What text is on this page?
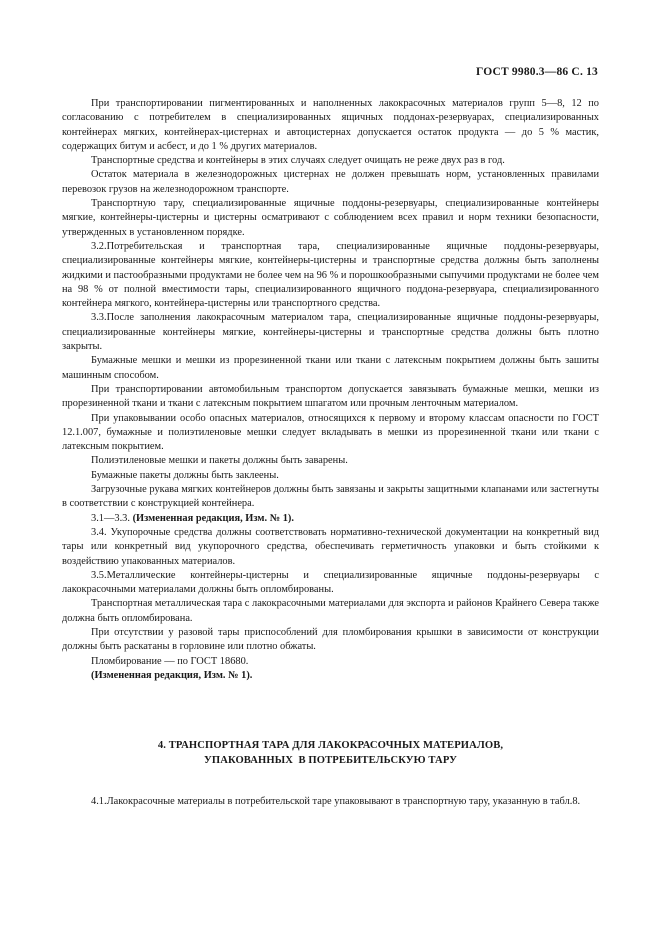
ГОСТ 9980.3—86 С. 13

При транспортировании пигментированных и наполненных лакокрасочных материалов групп 5—8, 12 по согласованию с потребителем в специализированных ящичных поддонах-резервуарах, специализированных контейнерах мягких, контейнерах-цистернах и автоцистернах допускается остаток продукта — до 5 % мастик, содержащих битум и асбест, и до 1 % других материалов.

Транспортные средства и контейнеры в этих случаях следует очищать не реже двух раз в год.

Остаток материала в железнодорожных цистернах не должен превышать норм, установленных правилами перевозок грузов на железнодорожном транспорте.

Транспортную тару, специализированные ящичные поддоны-резервуары, специализированные контейнеры мягкие, контейнеры-цистерны и цистерны осматривают с соблюдением всех правил и норм техники безопасности, утвержденных в установленном порядке.

3.2.Потребительская и транспортная тара, специализированные ящичные поддоны-резервуары, специализированные контейнеры мягкие, контейнеры-цистерны и транспортные средства должны быть заполнены жидкими и пастообразными продуктами не более чем на 96 % и порошкообразными сыпучими продуктами не более чем на 98 % от полной вместимости тары, специализированного ящичного поддона-резервуара, специализированного контейнера мягкого, контейнера-цистерны или транспортного средства.

3.3.После заполнения лакокрасочным материалом тара, специализированные ящичные поддоны-резервуары, специализированные контейнеры мягкие, контейнеры-цистерны и транспортные средства должны быть плотно закрыты.

Бумажные мешки и мешки из прорезиненной ткани или ткани с латексным покрытием должны быть зашиты машинным способом.

При транспортировании автомобильным транспортом допускается завязывать бумажные мешки, мешки из прорезиненной ткани и ткани с латексным покрытием шпагатом или прочным ленточным материалом.

При упаковывании особо опасных материалов, относящихся к первому и второму классам опасности по ГОСТ 12.1.007, бумажные и полиэтиленовые мешки следует вкладывать в мешки из прорезиненной ткани или ткани с латексным покрытием.

Полиэтиленовые мешки и пакеты должны быть заварены.

Бумажные пакеты должны быть заклеены.

Загрузочные рукава мягких контейнеров должны быть завязаны и закрыты защитными клапанами или застегнуты в соответствии с конструкцией контейнера.

3.1—3.3. (Измененная редакция, Изм. № 1).

3.4. Укупорочные средства должны соответствовать нормативно-технической документации на конкретный вид тары или конкретный вид укупорочного средства, обеспечивать герметичность упаковки и быть стойкими к воздействию упакованных материалов.

3.5.Металлические контейнеры-цистерны и специализированные ящичные поддоны-резервуары с лакокрасочными материалами должны быть опломбированы.

Транспортная металлическая тара с лакокрасочными материалами для экспорта и районов Крайнего Севера также должна быть опломбирована.

При отсутствии у разовой тары приспособлений для пломбирования крышки в зависимости от конструкции должны быть раскатаны в горловине или плотно обжаты.

Пломбирование — по ГОСТ 18680.

(Измененная редакция, Изм. № 1).

4. ТРАНСПОРТНАЯ ТАРА ДЛЯ ЛАКОКРАСОЧНЫХ МАТЕРИАЛОВ,
УПАКОВАННЫХ  В ПОТРЕБИТЕЛЬСКУЮ ТАРУ

4.1.Лакокрасочные материалы в потребительской таре упаковывают в транспортную тару, указанную в табл.8.
